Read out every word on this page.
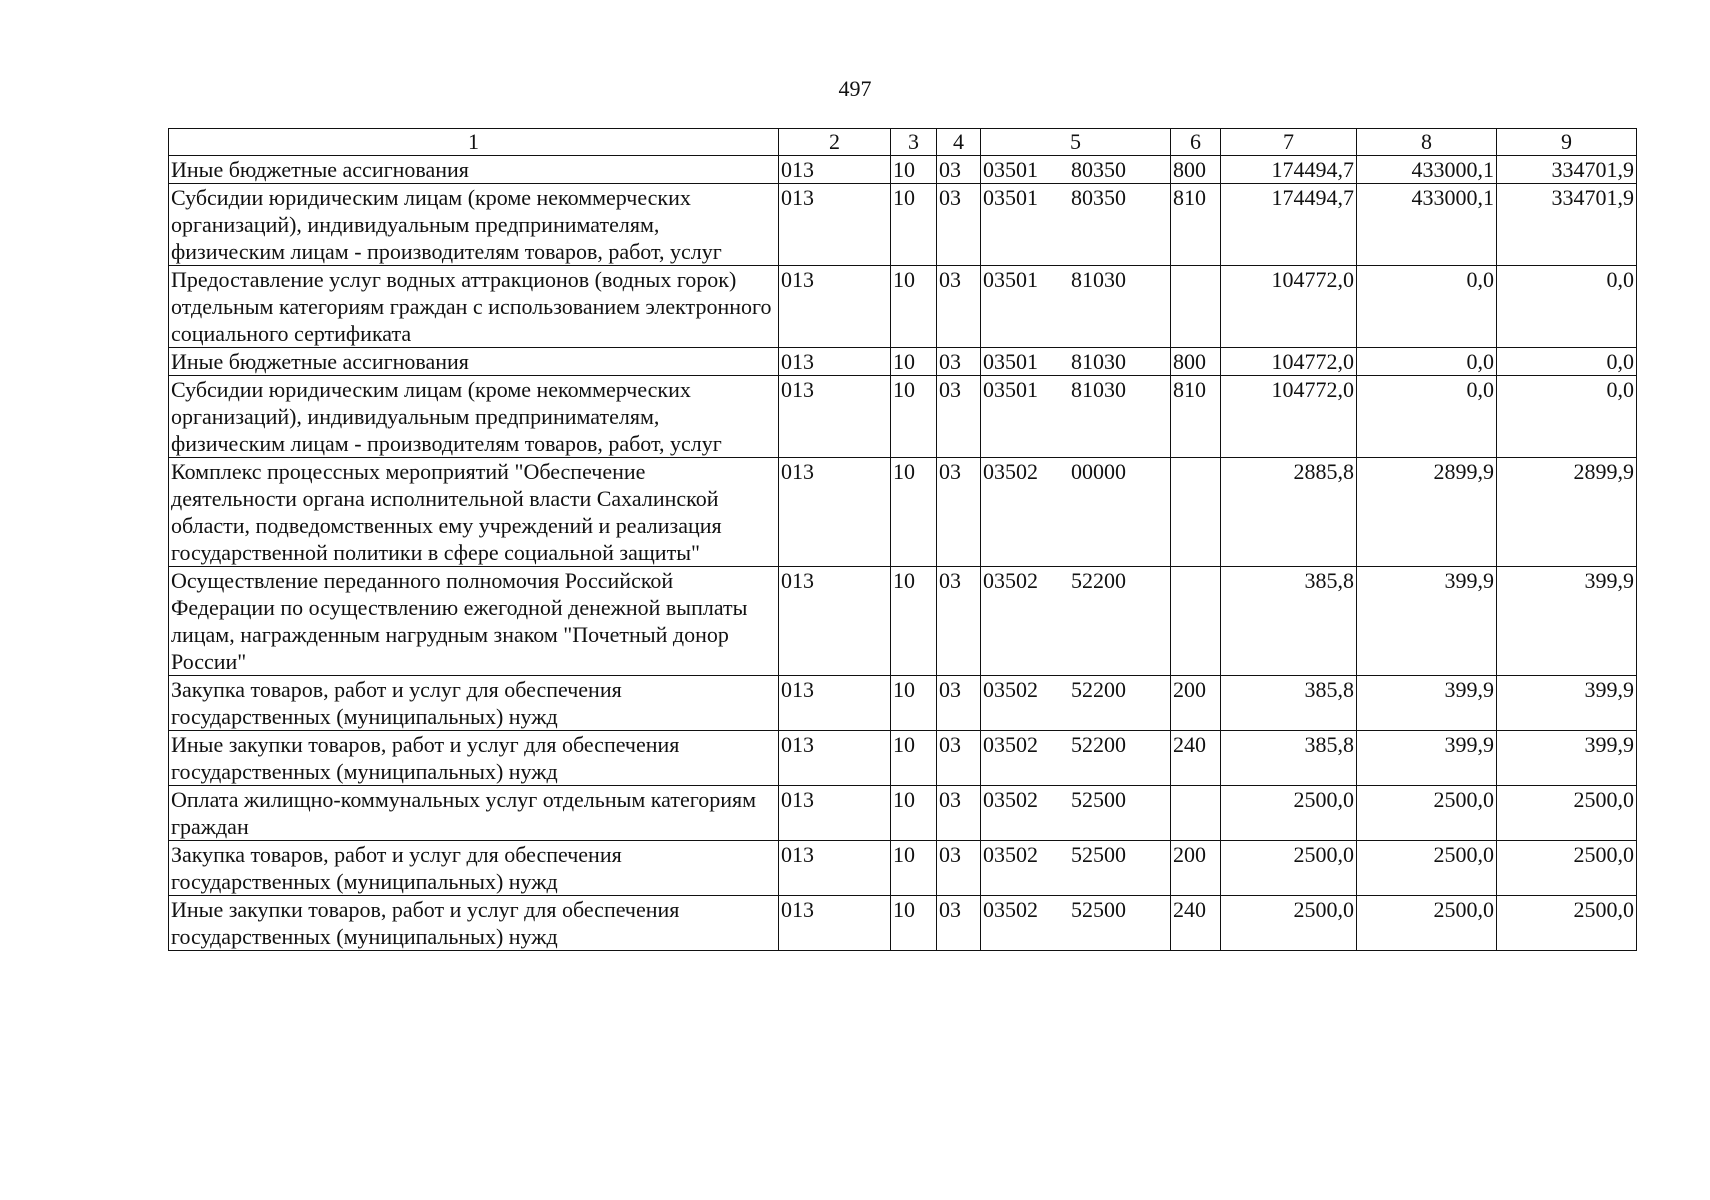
497
1	2	3	4	5	6	7	8	9
Иные бюджетные ассигнования	013	10	03	03501 80350	800	174494,7	433000,1	334701,9
Субсидии юридическим лицам (кроме некоммерческих организаций), индивидуальным предпринимателям, физическим лицам - производителям товаров, работ, услуг	013	10	03	03501 80350	810	174494,7	433000,1	334701,9
Предоставление услуг водных аттракционов (водных горок) отдельным категориям граждан с использованием электронного социального сертификата	013	10	03	03501 81030		104772,0	0,0	0,0
Иные бюджетные ассигнования	013	10	03	03501 81030	800	104772,0	0,0	0,0
Субсидии юридическим лицам (кроме некоммерческих организаций), индивидуальным предпринимателям, физическим лицам - производителям товаров, работ, услуг	013	10	03	03501 81030	810	104772,0	0,0	0,0
Комплекс процессных мероприятий "Обеспечение деятельности органа исполнительной власти Сахалинской области, подведомственных ему учреждений и реализация государственной политики в сфере социальной защиты"	013	10	03	03502 00000		2885,8	2899,9	2899,9
Осуществление переданного полномочия Российской Федерации по осуществлению ежегодной денежной выплаты лицам, награжденным нагрудным знаком "Почетный донор России"	013	10	03	03502 52200		385,8	399,9	399,9
Закупка товаров, работ и услуг для обеспечения государственных (муниципальных) нужд	013	10	03	03502 52200	200	385,8	399,9	399,9
Иные закупки товаров, работ и услуг для обеспечения государственных (муниципальных) нужд	013	10	03	03502 52200	240	385,8	399,9	399,9
Оплата жилищно-коммунальных услуг отдельным категориям граждан	013	10	03	03502 52500		2500,0	2500,0	2500,0
Закупка товаров, работ и услуг для обеспечения государственных (муниципальных) нужд	013	10	03	03502 52500	200	2500,0	2500,0	2500,0
Иные закупки товаров, работ и услуг для обеспечения государственных (муниципальных) нужд	013	10	03	03502 52500	240	2500,0	2500,0	2500,0
